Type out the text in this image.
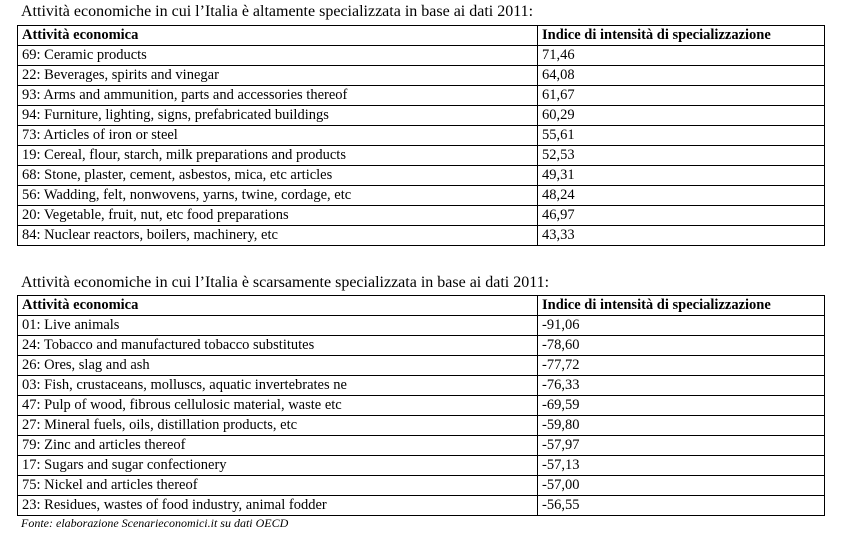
Attività economiche in cui l’Italia è altamente specializzata in base ai dati 2011:
Attività economica	Indice di intensità di specializzazione
69: Ceramic products	71,46
22: Beverages, spirits and vinegar	64,08
93: Arms and ammunition, parts and accessories thereof	61,67
94: Furniture, lighting, signs, prefabricated buildings	60,29
73: Articles of iron or steel	55,61
19: Cereal, flour, starch, milk preparations and products	52,53
68: Stone, plaster, cement, asbestos, mica, etc articles	49,31
56: Wadding, felt, nonwovens, yarns, twine, cordage, etc	48,24
20: Vegetable, fruit, nut, etc food preparations	46,97
84: Nuclear reactors, boilers, machinery, etc	43,33
Attività economiche in cui l’Italia è scarsamente specializzata in base ai dati 2011:
Attività economica	Indice di intensità di specializzazione
01: Live animals	-91,06
24: Tobacco and manufactured tobacco substitutes	-78,60
26: Ores, slag and ash	-77,72
03: Fish, crustaceans, molluscs, aquatic invertebrates ne	-76,33
47: Pulp of wood, fibrous cellulosic material, waste etc	-69,59
27: Mineral fuels, oils, distillation products, etc	-59,80
79: Zinc and articles thereof	-57,97
17: Sugars and sugar confectionery	-57,13
75: Nickel and articles thereof	-57,00
23: Residues, wastes of food industry, animal fodder	-56,55
Fonte: elaborazione Scenarieconomici.it su dati OECD
